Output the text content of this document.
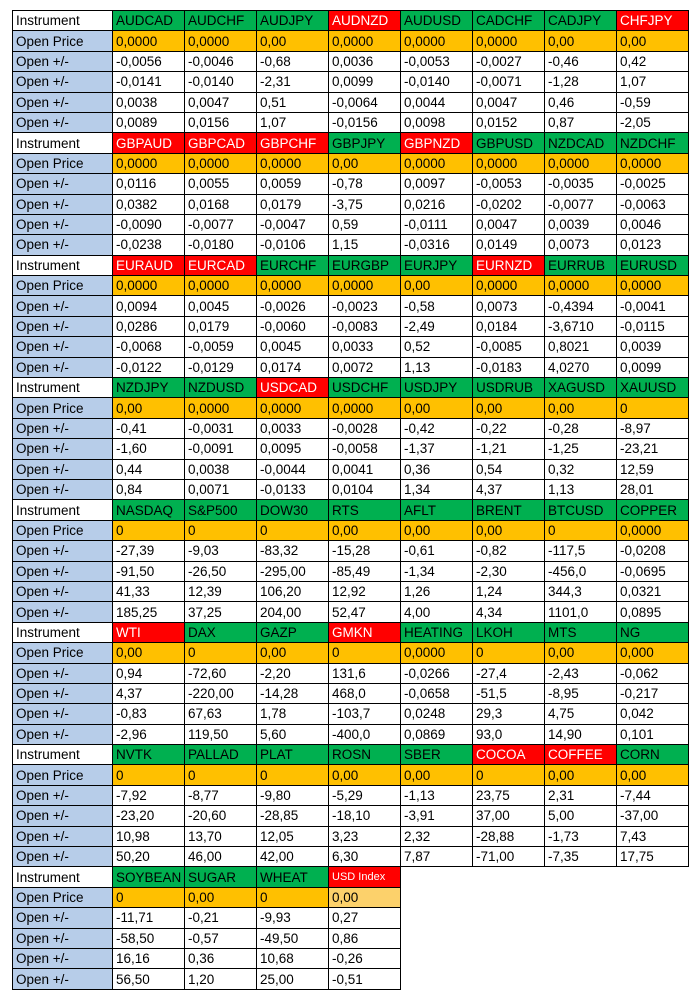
Instrument	AUDCAD	AUDCHF	AUDJPY	AUDNZD	AUDUSD	CADCHF	CADJPY	CHFJPY
Open Price	0,0000	0,0000	0,00	0,0000	0,0000	0,0000	0,00	0,00
Open +/-	-0,0056	-0,0046	-0,68	0,0036	-0,0053	-0,0027	-0,46	0,42
Open +/-	-0,0141	-0,0140	-2,31	0,0099	-0,0140	-0,0071	-1,28	1,07
Open +/-	0,0038	0,0047	0,51	-0,0064	0,0044	0,0047	0,46	-0,59
Open +/-	0,0089	0,0156	1,07	-0,0156	0,0098	0,0152	0,87	-2,05
Instrument	GBPAUD	GBPCAD	GBPCHF	GBPJPY	GBPNZD	GBPUSD	NZDCAD	NZDCHF
Open Price	0,0000	0,0000	0,0000	0,00	0,0000	0,0000	0,0000	0,0000
Open +/-	0,0116	0,0055	0,0059	-0,78	0,0097	-0,0053	-0,0035	-0,0025
Open +/-	0,0382	0,0168	0,0179	-3,75	0,0216	-0,0202	-0,0077	-0,0063
Open +/-	-0,0090	-0,0077	-0,0047	0,59	-0,0111	0,0047	0,0039	0,0046
Open +/-	-0,0238	-0,0180	-0,0106	1,15	-0,0316	0,0149	0,0073	0,0123
Instrument	EURAUD	EURCAD	EURCHF	EURGBP	EURJPY	EURNZD	EURRUB	EURUSD
Open Price	0,0000	0,0000	0,0000	0,0000	0,00	0,0000	0,0000	0,0000
Open +/-	0,0094	0,0045	-0,0026	-0,0023	-0,58	0,0073	-0,4394	-0,0041
Open +/-	0,0286	0,0179	-0,0060	-0,0083	-2,49	0,0184	-3,6710	-0,0115
Open +/-	-0,0068	-0,0059	0,0045	0,0033	0,52	-0,0085	0,8021	0,0039
Open +/-	-0,0122	-0,0129	0,0174	0,0072	1,13	-0,0183	4,0270	0,0099
Instrument	NZDJPY	NZDUSD	USDCAD	USDCHF	USDJPY	USDRUB	XAGUSD	XAUUSD
Open Price	0,00	0,0000	0,0000	0,0000	0,00	0,00	0,00	0
Open +/-	-0,41	-0,0031	0,0033	-0,0028	-0,42	-0,22	-0,28	-8,97
Open +/-	-1,60	-0,0091	0,0095	-0,0058	-1,37	-1,21	-1,25	-23,21
Open +/-	0,44	0,0038	-0,0044	0,0041	0,36	0,54	0,32	12,59
Open +/-	0,84	0,0071	-0,0133	0,0104	1,34	4,37	1,13	28,01
Instrument	NASDAQ	S&P500	DOW30	RTS	AFLT	BRENT	BTCUSD	COPPER
Open Price	0	0	0	0,00	0,00	0,00	0	0,0000
Open +/-	-27,39	-9,03	-83,32	-15,28	-0,61	-0,82	-117,5	-0,0208
Open +/-	-91,50	-26,50	-295,00	-85,49	-1,34	-2,30	-456,0	-0,0695
Open +/-	41,33	12,39	106,20	12,92	1,26	1,24	344,3	0,0321
Open +/-	185,25	37,25	204,00	52,47	4,00	4,34	1101,0	0,0895
Instrument	WTI	DAX	GAZP	GMKN	HEATING	LKOH	MTS	NG
Open Price	0,00	0	0,00	0	0,0000	0	0,00	0,000
Open +/-	0,94	-72,60	-2,20	131,6	-0,0266	-27,4	-2,43	-0,062
Open +/-	4,37	-220,00	-14,28	468,0	-0,0658	-51,5	-8,95	-0,217
Open +/-	-0,83	67,63	1,78	-103,7	0,0248	29,3	4,75	0,042
Open +/-	-2,96	119,50	5,60	-400,0	0,0869	93,0	14,90	0,101
Instrument	NVTK	PALLAD	PLAT	ROSN	SBER	COCOA	COFFEE	CORN
Open Price	0	0	0	0,00	0,00	0	0,00	0,00
Open +/-	-7,92	-8,77	-9,80	-5,29	-1,13	23,75	2,31	-7,44
Open +/-	-23,20	-20,60	-28,85	-18,10	-3,91	37,00	5,00	-37,00
Open +/-	10,98	13,70	12,05	3,23	2,32	-28,88	-1,73	7,43
Open +/-	50,20	46,00	42,00	6,30	7,87	-71,00	-7,35	17,75
Instrument	SOYBEAN	SUGAR	WHEAT	USD Index				
Open Price	0	0,00	0	0,00				
Open +/-	-11,71	-0,21	-9,93	0,27				
Open +/-	-58,50	-0,57	-49,50	0,86				
Open +/-	16,16	0,36	10,68	-0,26				
Open +/-	56,50	1,20	25,00	-0,51				
